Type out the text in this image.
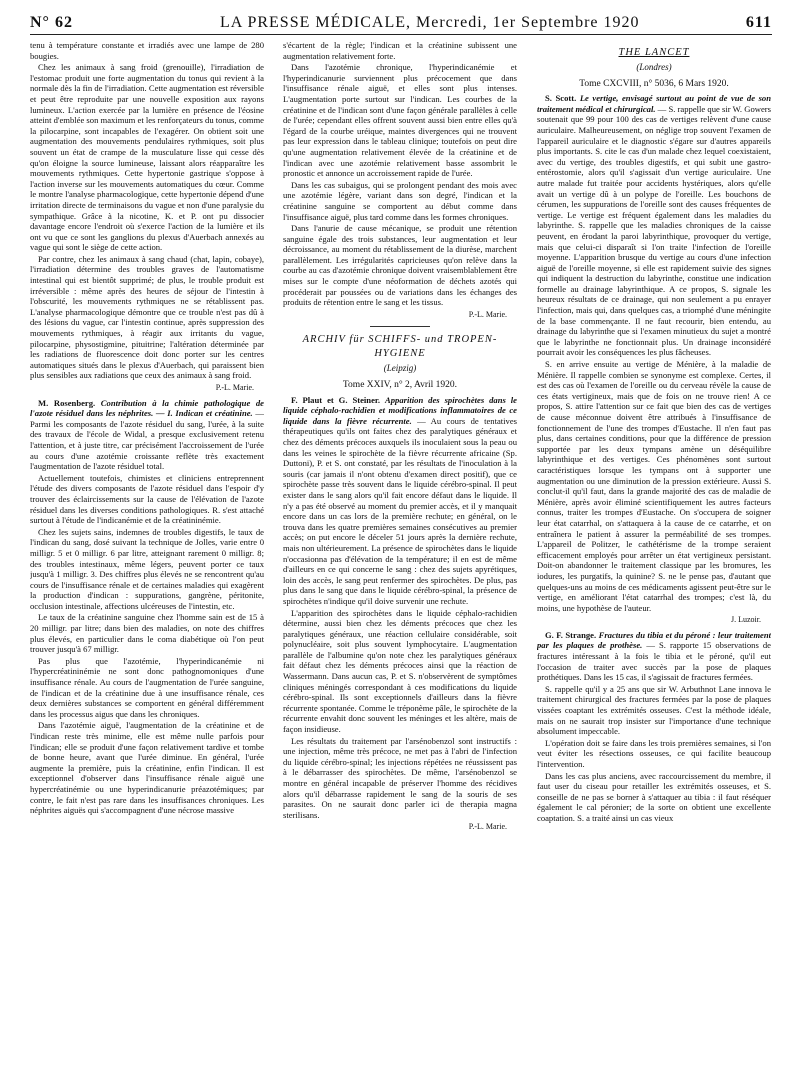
N° 62	LA PRESSE MÉDICALE, Mercredi, 1er Septembre 1920	611

tenu à température constante et irradiés avec une lampe de 280 bougies.

Chez les animaux à sang froid (grenouille), l'irradiation de l'estomac produit une forte augmentation du tonus qui revient à la normale dès la fin de l'irradiation. Cette augmentation est réversible et peut être reproduite par une nouvelle exposition aux rayons lumineux. L'action exercée par la lumière en présence de l'éosine atteint d'emblée son maximum et les renforçateurs du tonus, comme la pilocarpine, sont incapables de l'exagérer. On obtient soit une augmentation des mouvements pendulaires rythmiques, soit plus souvent un état de crampe de la musculature lisse qui cesse dès qu'on éloigne la source lumineuse, laissant alors réapparaître les mouvements rythmiques. Cette hypertonie gastrique s'oppose à l'action inverse sur les mouvements automatiques du cœur. Comme le montre l'analyse pharmacologique, cette hypertonie dépend d'une irritation directe de terminaisons du vague et non d'une paralysie du sympathique. Grâce à la nicotine, K. et P. ont pu dissocier davantage encore l'endroit où s'exerce l'action de la lumière et ils ont vu que ce sont les ganglions du plexus d'Auerbach annexés au vague qui sont le siège de cette action.

Par contre, chez les animaux à sang chaud (chat, lapin, cobaye), l'irradiation détermine des troubles graves de l'automatisme intestinal qui est bientôt supprimé; de plus, le trouble produit est irréversible : même après des heures de séjour de l'intestin à l'obscurité, les mouvements rythmiques ne se rétablissent pas. L'analyse pharmacologique démontre que ce trouble n'est pas dû à des lésions du vague, car l'intestin continue, après suppression des mouvements rythmiques, à réagir aux irritants du vague, pilocarpine, physostigmine, pituitrine; l'altération déterminée par les radiations de fluorescence doit donc porter sur les centres automatiques situés dans le plexus d'Auerbach, qui paraissent bien plus sensibles aux radiations que ceux des animaux à sang froid.

P.-L. Marie.

M. Rosenberg. Contribution à la chimie pathologique de l'azote résiduel dans les néphrites. — I. Indican et créatinine. — Parmi les composants de l'azote résiduel du sang, l'urée, à la suite des travaux de l'école de Widal, a presque exclusivement retenu l'attention, et à juste titre, car précisément l'accroissement de l'urée au cours d'une azotémie croissante reflète très exactement l'augmentation de l'azote résiduel total.

Actuellement toutefois, chimistes et cliniciens entreprennent l'étude des divers composants de l'azote résiduel dans l'espoir d'y trouver des éclaircissements sur la cause de l'élévation de l'azote résiduel dans les diverses conditions pathologiques. R. s'est attaché surtout à l'étude de l'indicanémie et de la créatininémie.

Chez les sujets sains, indemnes de troubles digestifs, le taux de l'indican du sang, dosé suivant la technique de Jolles, varie entre 0 milligr. 5 et 0 milligr. 6 par litre, atteignant rarement 0 milligr. 8; des troubles intestinaux, même légers, peuvent porter ce taux jusqu'à 1 milligr. 3. Des chiffres plus élevés ne se rencontrent qu'au cours de l'insuffisance rénale et de certaines maladies qui exagèrent la production d'indican : suppurations, gangrène, péritonite, occlusion intestinale, affections ulcéreuses de l'intestin, etc.

Le taux de la créatinine sanguine chez l'homme sain est de 15 à 20 milligr. par litre; dans bien des maladies, on note des chiffres plus élevés, en particulier dans le coma diabétique où l'on peut trouver jusqu'à 67 milligr.

Pas plus que l'azotémie, l'hyperindicanémie ni l'hypercréatininémie ne sont donc pathognomoniques d'une insuffisance rénale. Au cours de l'augmentation de l'urée sanguine, de l'indican et de la créatinine due à une insuffisance rénale, ces deux dernières substances se comportent en général différemment dans les processus aigus que dans les chroniques.

Dans l'azotémie aiguë, l'augmentation de la créatinine et de l'indican reste très minime, elle est même nulle parfois pour l'indican; elle se produit d'une façon relativement tardive et tombe de bonne heure, avant que l'urée diminue. En général, l'urée augmente la première, puis la créatinine, enfin l'indican. Il est exceptionnel d'observer dans l'insuffisance rénale aiguë une hypercréatinémie ou une hyperindicanurie préazotémiques; par contre, le fait n'est pas rare dans les insuffisances chroniques. Les néphrites aiguës qui s'accompagnent d'une nécrose massive

s'écartent de la règle; l'indican et la créatinine subissent une augmentation relativement forte.

Dans l'azotémie chronique, l'hyperindicanémie et l'hyperindicanurie surviennent plus précocement que dans l'insuffisance rénale aiguë, et elles sont plus intenses. L'augmentation porte surtout sur l'indican. Les courbes de la créatinine et de l'indican sont d'une façon générale parallèles à celle de l'urée; cependant elles offrent souvent aussi bien entre elles qu'à l'égard de la courbe uréique, maintes divergences qui ne trouvent pas leur expression dans le tableau clinique; toutefois on peut dire qu'une augmentation relativement élevée de la créatinine et de l'indican avec une azotémie relativement basse assombrit le pronostic et annonce un accroissement rapide de l'urée.

Dans les cas subaigus, qui se prolongent pendant des mois avec une azotémie légère, variant dans son degré, l'indican et la créatinine sanguine se comportent au début comme dans l'insuffisance aiguë, plus tard comme dans les formes chroniques.

Dans l'anurie de cause mécanique, se produit une rétention sanguine égale des trois substances, leur augmentation et leur décroissance, au moment du rétablissement de la diurèse, marchent parallèlement. Les irrégularités capricieuses qu'on relève dans la courbe au cas d'azotémie chronique doivent vraisemblablement être mises sur le compte d'une néoformation de déchets azotés qui procéderait par poussées ou de variations dans les échanges des produits de rétention entre le sang et les tissus.

P.-L. Marie.

ARCHIV für SCHIFFS- und TROPEN-HYGIENE
(Leipzig)
Tome XXIV, n° 2, Avril 1920.

F. Plaut et G. Steiner. Apparition des spirochètes dans le liquide céphalo-rachidien et modifications inflammatoires de ce liquide dans la fièvre récurrente. — Au cours de tentatives thérapeutiques qu'ils ont faites chez des paralytiques généraux et chez des déments précoces auxquels ils inoculaient sous la peau ou dans les veines le spirochète de la fièvre récurrente africaine (Sp. Duttoni), P. et S. ont constaté, par les résultats de l'inoculation à la souris (car jamais il n'ont obtenu d'examen direct positif), que ce spirochète passe très souvent dans le liquide cérébro-spinal. Il peut exister dans le sang alors qu'il fait encore défaut dans le liquide. Il n'y a pas été observé au moment du premier accès, et il y manquait encore dans un cas lors de la première rechute; en général, on le trouva dans les quatre premières semaines consécutives au premier accès; on put encore le déceler 51 jours après la dernière rechute, mais non ultérieurement. La présence de spirochètes dans le liquide n'occasionna pas d'élévation de la température; il en est de même d'ailleurs en ce qui concerne le sang : chez des sujets apyrétiques, loin des accès, le sang peut renfermer des spirochètes. De plus, pas plus dans le sang que dans le liquide cérébro-spinal, la présence de spirochètes n'indique qu'il doive survenir une rechute.

L'apparition des spirochètes dans le liquide céphalo-rachidien détermine, aussi bien chez les déments précoces que chez les paralytiques généraux, une réaction cellulaire considérable, soit polynucléaire, soit plus souvent lymphocytaire. L'augmentation parallèle de l'albumine qu'on note chez les paralytiques généraux fait défaut chez les déments précoces ainsi que la réaction de Wassermann. Dans aucun cas, P. et S. n'observèrent de symptômes cliniques méningés correspondant à ces modifications du liquide cérébro-spinal. Ils sont exceptionnels d'ailleurs dans la fièvre récurrente spontanée. Comme le tréponème pâle, le spirochète de la récurrente envahit donc souvent les méninges et les altère, mais de façon insidieuse.

Les résultats du traitement par l'arsénobenzol sont instructifs : une injection, même très précoce, ne met pas à l'abri de l'infection du liquide cérébro-spinal; les injections répétées ne réussissent pas à le débarrasser des spirochètes. De même, l'arsénobenzol se montre en général incapable de préserver l'homme des récidives alors qu'il débarrasse rapidement le sang de la souris de ses parasites. On ne saurait donc parler ici de therapia magna sterilisans.

P.-L. Marie.

THE LANCET
(Londres)
Tome CXCVIII, n° 5036, 6 Mars 1920.

S. Scott. Le vertige, envisagé surtout au point de vue de son traitement médical et chirurgical. — S. rappelle que sir W. Gowers soutenait que 99 pour 100 des cas de vertiges relèvent d'une cause auriculaire. Malheureusement, on néglige trop souvent l'examen de l'appareil auriculaire et le diagnostic s'égare sur d'autres appareils plus importants. S. cite le cas d'un malade chez lequel coexistaient, avec du vertige, des troubles digestifs, et qui subit une gastro-entérostomie, alors qu'il s'agissait d'un vertige auriculaire. Une autre malade fut traitée pour accidents hystériques, alors qu'elle avait un vertige dû à un polype de l'oreille. Les bouchons de cérumen, les suppurations de l'oreille sont des causes fréquentes de vertige. Le vertige est fréquent également dans les maladies du labyrinthe. S. rappelle que les maladies chroniques de la caisse peuvent, en érodant la paroi labyrinthique, provoquer du vertige, mais que celui-ci disparaît si l'on traite l'infection de l'oreille moyenne. L'apparition brusque du vertige au cours d'une infection aiguë de l'oreille moyenne, si elle est rapidement suivie des signes qui indiquent la destruction du labyrinthe, constitue une indication formelle au drainage labyrinthique. A ce propos, S. signale les heureux résultats de ce drainage, qui non seulement a pu enrayer l'infection, mais qui, dans quelques cas, a triomphé d'une méningite de la base commençante. Il ne faut recourir, bien entendu, au drainage du labyrinthe que si l'examen minutieux du sujet a montré que le labyrinthe ne fonctionnait plus. Un drainage inconsidéré pourrait avoir les conséquences les plus fâcheuses.

S. en arrive ensuite au vertige de Ménière, à la maladie de Ménière. Il rappelle combien se synonyme est complexe. Certes, il est des cas où l'examen de l'oreille ou du cerveau révèle la cause de ces états vertigineux, mais que de fois on ne trouve rien! A ce propos, S. attire l'attention sur ce fait que bien des cas de vertiges de cause méconnue doivent être attribués à l'insuffisance de fonctionnement de l'une des trompes d'Eustache. Il n'en faut pas plus, dans certaines conditions, pour que la différence de pression supportée par les deux tympans amène un déséquilibre labyrinthique et des vertiges. Ces phénomènes sont surtout caractéristiques lorsque les tympans ont à supporter une augmentation ou une diminution de la pression extérieure. Aussi S. conclut-il qu'il faut, dans la grande majorité des cas de maladie de Ménière, après avoir éliminé scientifiquement les autres facteurs connus, traiter les trompes d'Eustache. On s'occupera de soigner leur état catarrhal, on s'attaquera à la cause de ce catarrhe, et on entraînera le patient à assurer la perméabilité de ses trompes. L'appareil de Politzer, le cathétérisme de la trompe seraient efficacement employés pour arrêter un état vertigineux persistant. Doit-on abandonner le traitement classique par les bromures, les iodures, les purgatifs, la quinine? S. ne le pense pas, d'autant que quelques-uns au moins de ces médicaments agissent peut-être sur le vertige, en améliorant l'état catarrhal des trompes; c'est là, du moins, une hypothèse de l'auteur.

J. Luzoir.

G. F. Strange. Fractures du tibia et du péroné : leur traitement par les plaques de prothèse. — S. rapporte 15 observations de fractures intéressant à la fois le tibia et le péroné, qu'il eut l'occasion de traiter avec succès par la pose de plaques prothétiques. Dans les 15 cas, il s'agissait de fractures fermées.

S. rappelle qu'il y a 25 ans que sir W. Arbuthnot Lane innova le traitement chirurgical des fractures fermées par la pose de plaques vissées coaptant les extrémités osseuses. C'est la méthode idéale, mais on ne saurait trop insister sur l'importance d'une technique absolument impeccable.

L'opération doit se faire dans les trois premières semaines, si l'on veut éviter les résections osseuses, ce qui facilite beaucoup l'intervention.

Dans les cas plus anciens, avec raccourcissement du membre, il faut user du ciseau pour retailler les extrémités osseuses, et S. conseille de ne pas se borner à s'attaquer au tibia : il faut réséquer également le cal péronier; de la sorte on obtient une excellente coaptation. S. a traité ainsi un cas vieux
